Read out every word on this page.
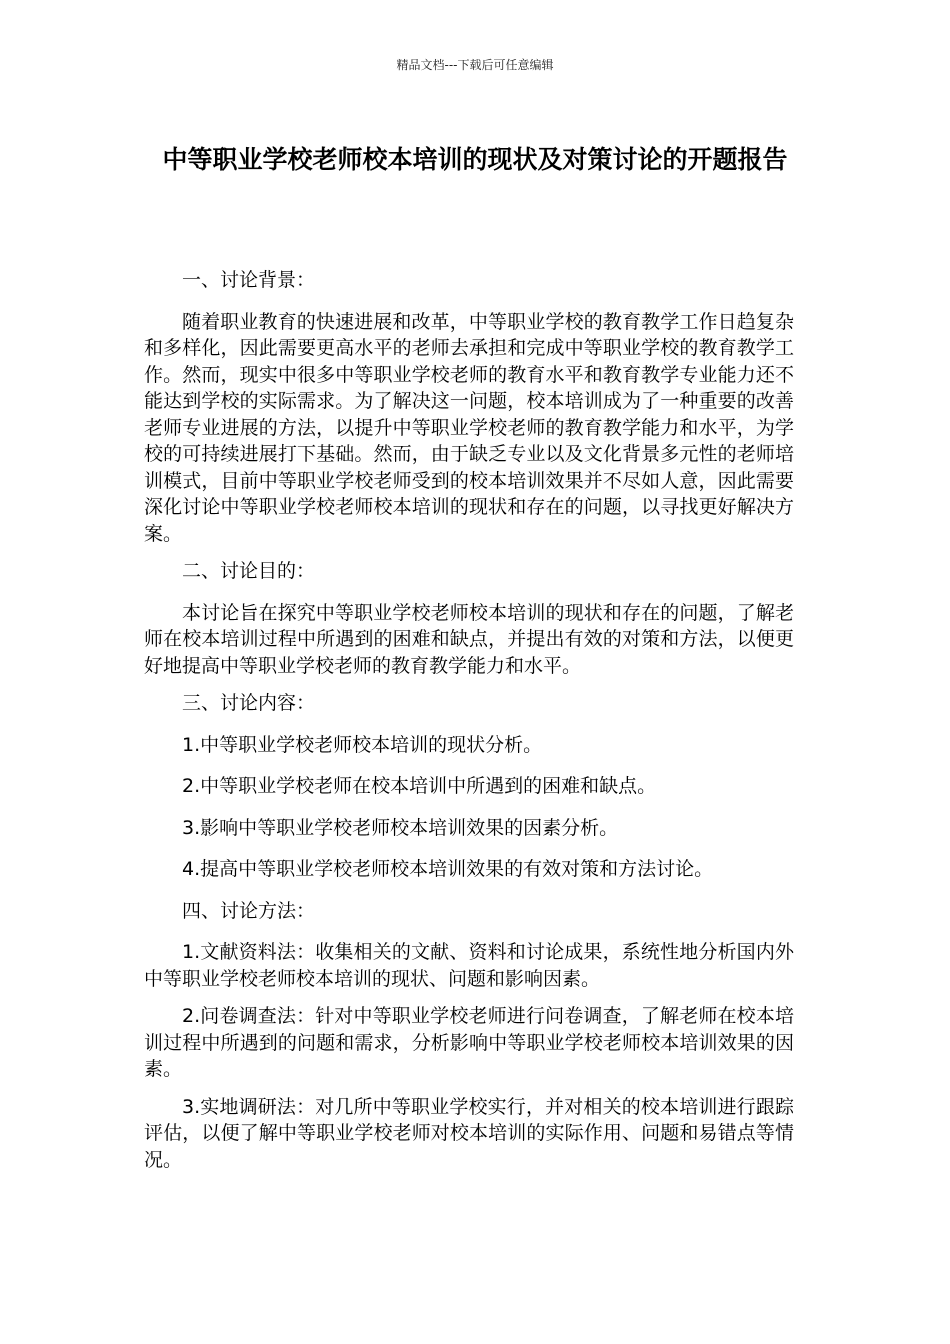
精品文档---下载后可任意编辑
中等职业学校老师校本培训的现状及对策讨论的开题报告

一、讨论背景：

随着职业教育的快速进展和改革，中等职业学校的教育教学工作日趋复杂和多样化，因此需要更高水平的老师去承担和完成中等职业学校的教育教学工作。然而，现实中很多中等职业学校老师的教育水平和教育教学专业能力还不能达到学校的实际需求。为了解决这一问题，校本培训成为了一种重要的改善老师专业进展的方法，以提升中等职业学校老师的教育教学能力和水平，为学校的可持续进展打下基础。然而，由于缺乏专业以及文化背景多元性的老师培训模式，目前中等职业学校老师受到的校本培训效果并不尽如人意，因此需要深化讨论中等职业学校老师校本培训的现状和存在的问题，以寻找更好解决方案。

二、讨论目的：

本讨论旨在探究中等职业学校老师校本培训的现状和存在的问题，了解老师在校本培训过程中所遇到的困难和缺点，并提出有效的对策和方法，以便更好地提高中等职业学校老师的教育教学能力和水平。

三、讨论内容：

1.中等职业学校老师校本培训的现状分析。

2.中等职业学校老师在校本培训中所遇到的困难和缺点。

3.影响中等职业学校老师校本培训效果的因素分析。

4.提高中等职业学校老师校本培训效果的有效对策和方法讨论。

四、讨论方法：

1.文献资料法：收集相关的文献、资料和讨论成果，系统性地分析国内外中等职业学校老师校本培训的现状、问题和影响因素。

2.问卷调查法：针对中等职业学校老师进行问卷调查，了解老师在校本培训过程中所遇到的问题和需求，分析影响中等职业学校老师校本培训效果的因素。

3.实地调研法：对几所中等职业学校实行，并对相关的校本培训进行跟踪评估，以便了解中等职业学校老师对校本培训的实际作用、问题和易错点等情况。
